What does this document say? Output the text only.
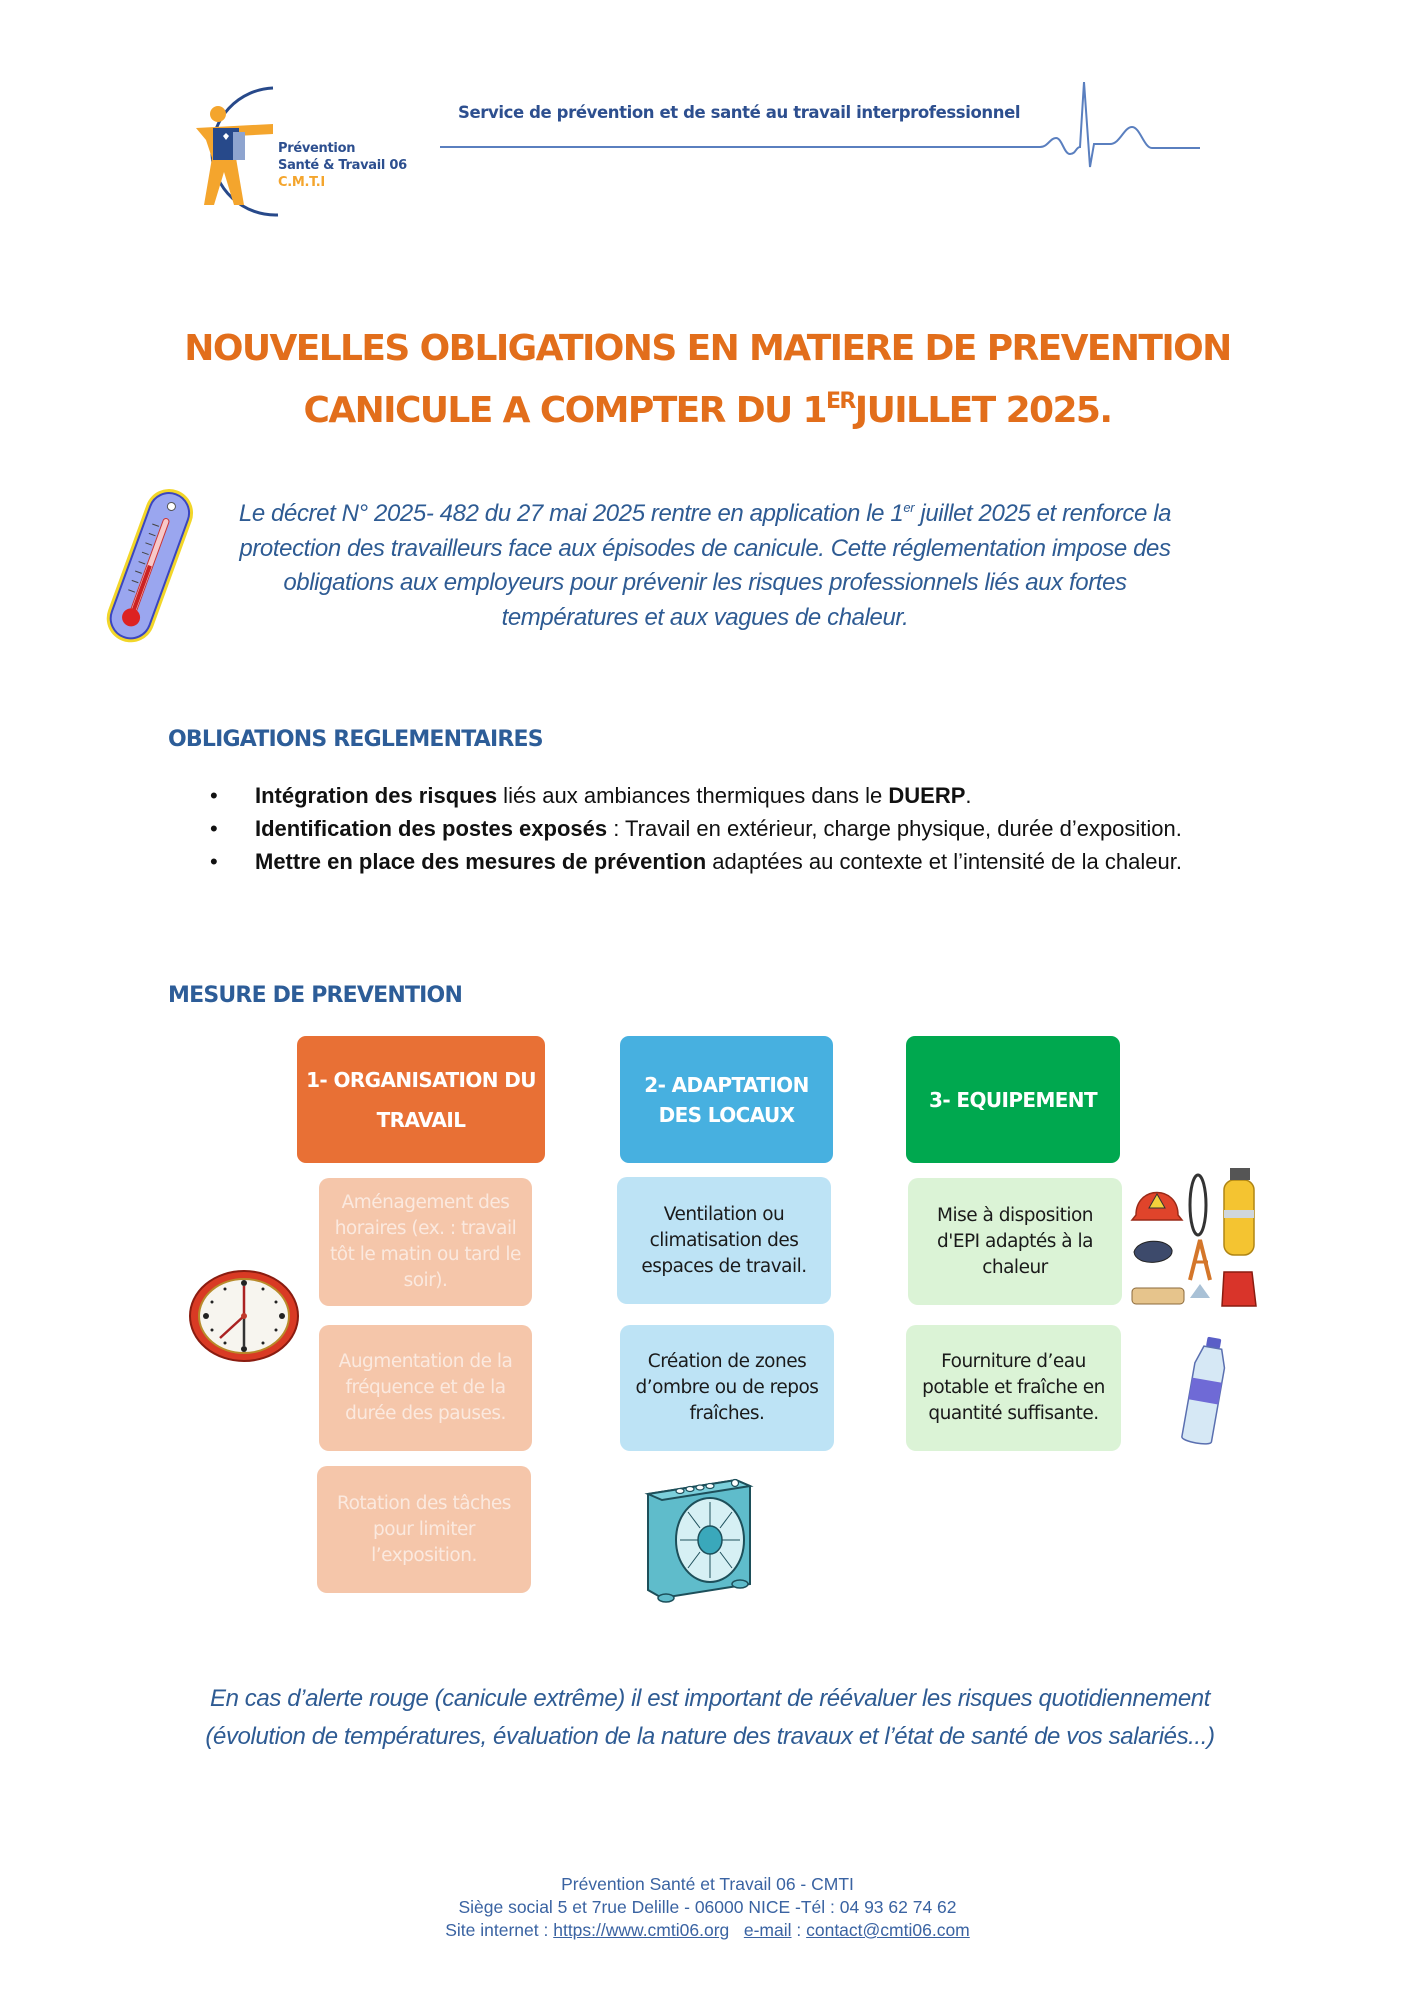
Prévention
Santé & Travail 06
C.M.T.I
Service de prévention et de santé au travail interprofessionnel
NOUVELLES OBLIGATIONS EN MATIERE DE PREVENTION
CANICULE A COMPTER DU 1ERJUILLET 2025.
Le décret N° 2025- 482 du 27 mai 2025 rentre en application le 1er juillet 2025 et renforce la protection des travailleurs face aux épisodes de canicule. Cette réglementation impose des obligations aux employeurs pour prévenir les risques professionnels liés aux fortes températures et aux vagues de chaleur.
OBLIGATIONS REGLEMENTAIRES
• Intégration des risques liés aux ambiances thermiques dans le DUERP.
• Identification des postes exposés : Travail en extérieur, charge physique, durée d’exposition.
• Mettre en place des mesures de prévention adaptées au contexte et l’intensité de la chaleur.
MESURE DE PREVENTION
1- ORGANISATION DU TRAVAIL
2- ADAPTATION DES LOCAUX
3- EQUIPEMENT
Aménagement des horaires (ex. : travail tôt le matin ou tard le soir).
Augmentation de la fréquence et de la durée des pauses.
Rotation des tâches pour limiter l’exposition.
Ventilation ou climatisation des espaces de travail.
Création de zones d’ombre ou de repos fraîches.
Mise à disposition d'EPI adaptés à la chaleur
Fourniture d’eau potable et fraîche en quantité suffisante.
En cas d’alerte rouge (canicule extrême) il est important de réévaluer les risques quotidiennement (évolution de températures, évaluation de la nature des travaux et l’état de santé de vos salariés...)
Prévention Santé et Travail 06 - CMTI
Siège social 5 et 7rue Delille - 06000 NICE -Tél : 04 93 62 74 62
Site internet : https://www.cmti06.org e-mail : contact@cmti06.com
